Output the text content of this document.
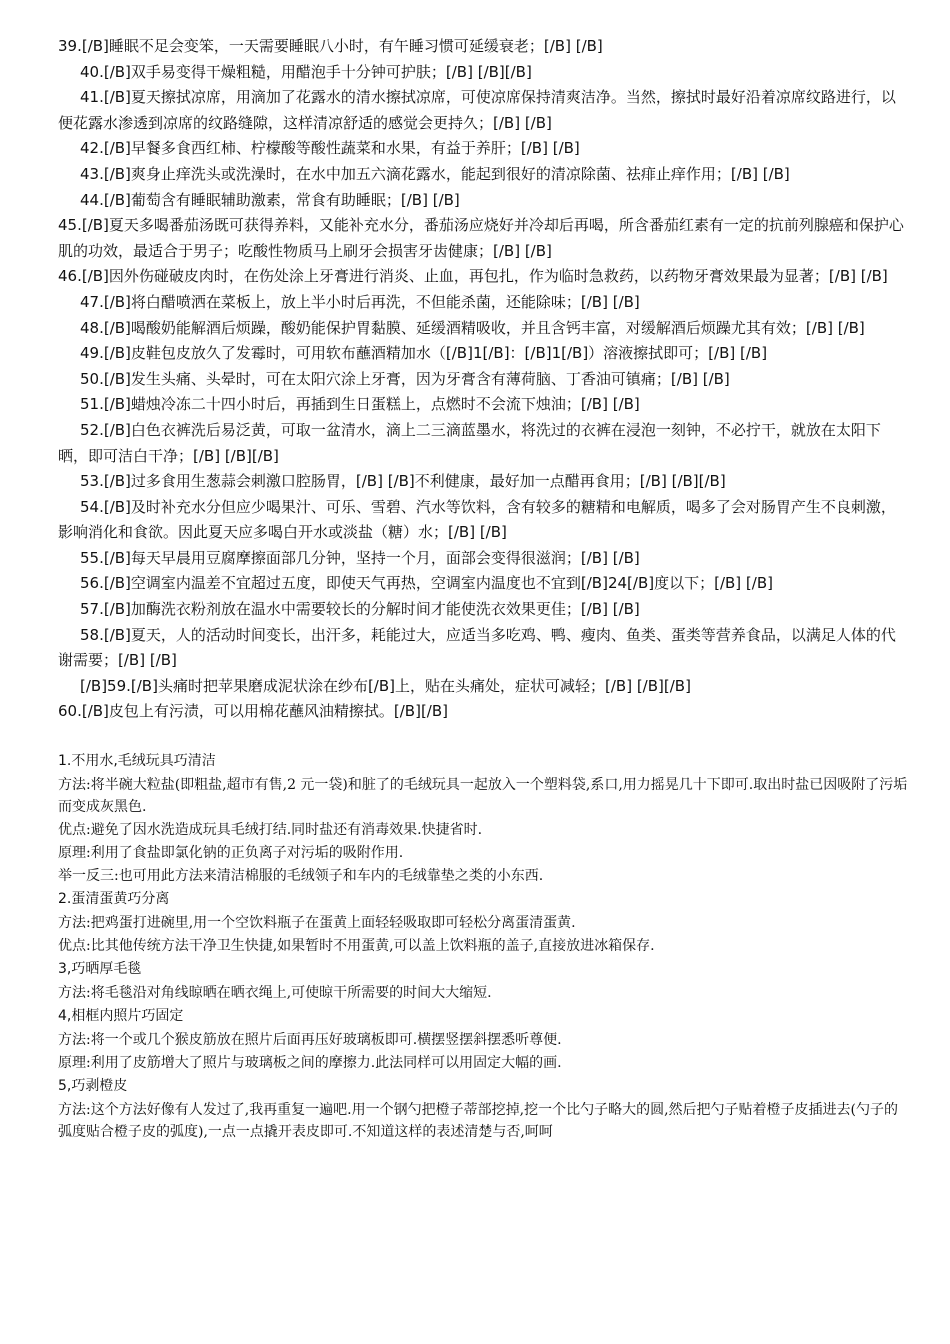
39.[/B]睡眠不足会变笨，一天需要睡眠八小时，有午睡习惯可延缓衰老；[/B] [/B]

40.[/B]双手易变得干燥粗糙，用醋泡手十分钟可护肤；[/B] [/B][/B]

41.[/B]夏天擦拭凉席，用滴加了花露水的清水擦拭凉席，可使凉席保持清爽洁净。当然，擦拭时最好沿着凉席纹路进行，以便花露水渗透到凉席的纹路缝隙，这样清凉舒适的感觉会更持久；[/B] [/B]

42.[/B]早餐多食西红柿、柠檬酸等酸性蔬菜和水果，有益于养肝；[/B] [/B]

43.[/B]爽身止痒洗头或洗澡时，在水中加五六滴花露水，能起到很好的清凉除菌、祛痱止痒作用；[/B] [/B]

44.[/B]葡萄含有睡眠辅助激素，常食有助睡眠；[/B] [/B]

45.[/B]夏天多喝番茄汤既可获得养料，又能补充水分，番茄汤应烧好并冷却后再喝，所含番茄红素有一定的抗前列腺癌和保护心肌的功效，最适合于男子；吃酸性物质马上刷牙会损害牙齿健康；[/B] [/B]

46.[/B]因外伤碰破皮肉时，在伤处涂上牙膏进行消炎、止血，再包扎，作为临时急救药，以药物牙膏效果最为显著；[/B] [/B]

47.[/B]将白醋喷洒在菜板上，放上半小时后再洗，不但能杀菌，还能除味；[/B] [/B]

48.[/B]喝酸奶能解酒后烦躁，酸奶能保护胃黏膜、延缓酒精吸收，并且含钙丰富，对缓解酒后烦躁尤其有效；[/B] [/B]

49.[/B]皮鞋包皮放久了发霉时，可用软布蘸酒精加水（[/B]1[/B]：[/B]1[/B]）溶液擦拭即可；[/B] [/B]

50.[/B]发生头痛、头晕时，可在太阳穴涂上牙膏，因为牙膏含有薄荷脑、丁香油可镇痛；[/B] [/B]

51.[/B]蜡烛冷冻二十四小时后，再插到生日蛋糕上，点燃时不会流下烛油；[/B] [/B]

52.[/B]白色衣裤洗后易泛黄，可取一盆清水，滴上二三滴蓝墨水，将洗过的衣裤在浸泡一刻钟，不必拧干，就放在太阳下晒，即可洁白干净；[/B] [/B][/B]

53.[/B]过多食用生葱蒜会刺激口腔肠胃，[/B] [/B]不利健康，最好加一点醋再食用；[/B] [/B][/B]

54.[/B]及时补充水分但应少喝果汁、可乐、雪碧、汽水等饮料，含有较多的糖精和电解质，喝多了会对肠胃产生不良刺激，影响消化和食欲。因此夏天应多喝白开水或淡盐（糖）水；[/B] [/B]

55.[/B]每天早晨用豆腐摩擦面部几分钟，坚持一个月，面部会变得很滋润；[/B] [/B]

56.[/B]空调室内温差不宜超过五度，即使天气再热，空调室内温度也不宜到[/B]24[/B]度以下；[/B] [/B]

57.[/B]加酶洗衣粉剂放在温水中需要较长的分解时间才能使洗衣效果更佳；[/B] [/B]

58.[/B]夏天，人的活动时间变长，出汗多，耗能过大，应适当多吃鸡、鸭、瘦肉、鱼类、蛋类等营养食品，以满足人体的代谢需要；[/B] [/B]

[/B]59.[/B]头痛时把苹果磨成泥状涂在纱布[/B]上，贴在头痛处，症状可减轻；[/B] [/B][/B]

60.[/B]皮包上有污渍，可以用棉花蘸风油精擦拭。[/B][/B]

1.不用水,毛绒玩具巧清洁

方法:将半碗大粒盐(即粗盐,超市有售,2 元一袋)和脏了的毛绒玩具一起放入一个塑料袋,系口,用力摇晃几十下即可.取出时盐已因吸附了污垢而变成灰黑色.

优点:避免了因水洗造成玩具毛绒打结.同时盐还有消毒效果.快捷省时.

原理:利用了食盐即氯化钠的正负离子对污垢的吸附作用.

举一反三:也可用此方法来清洁棉服的毛绒领子和车内的毛绒靠垫之类的小东西.

2.蛋清蛋黄巧分离

方法:把鸡蛋打进碗里,用一个空饮料瓶子在蛋黄上面轻轻吸取即可轻松分离蛋清蛋黄.

优点:比其他传统方法干净卫生快捷,如果暂时不用蛋黄,可以盖上饮料瓶的盖子,直接放进冰箱保存.

3,巧晒厚毛毯

方法:将毛毯沿对角线晾晒在晒衣绳上,可使晾干所需要的时间大大缩短.

4,相框内照片巧固定

方法:将一个或几个猴皮筋放在照片后面再压好玻璃板即可.横摆竖摆斜摆悉听尊便.

原理:利用了皮筋增大了照片与玻璃板之间的摩擦力.此法同样可以用固定大幅的画.

5,巧剥橙皮

方法:这个方法好像有人发过了,我再重复一遍吧.用一个钢勺把橙子蒂部挖掉,挖一个比勺子略大的圆,然后把勺子贴着橙子皮插进去(勺子的弧度贴合橙子皮的弧度),一点一点撬开表皮即可.不知道这样的表述清楚与否,呵呵
